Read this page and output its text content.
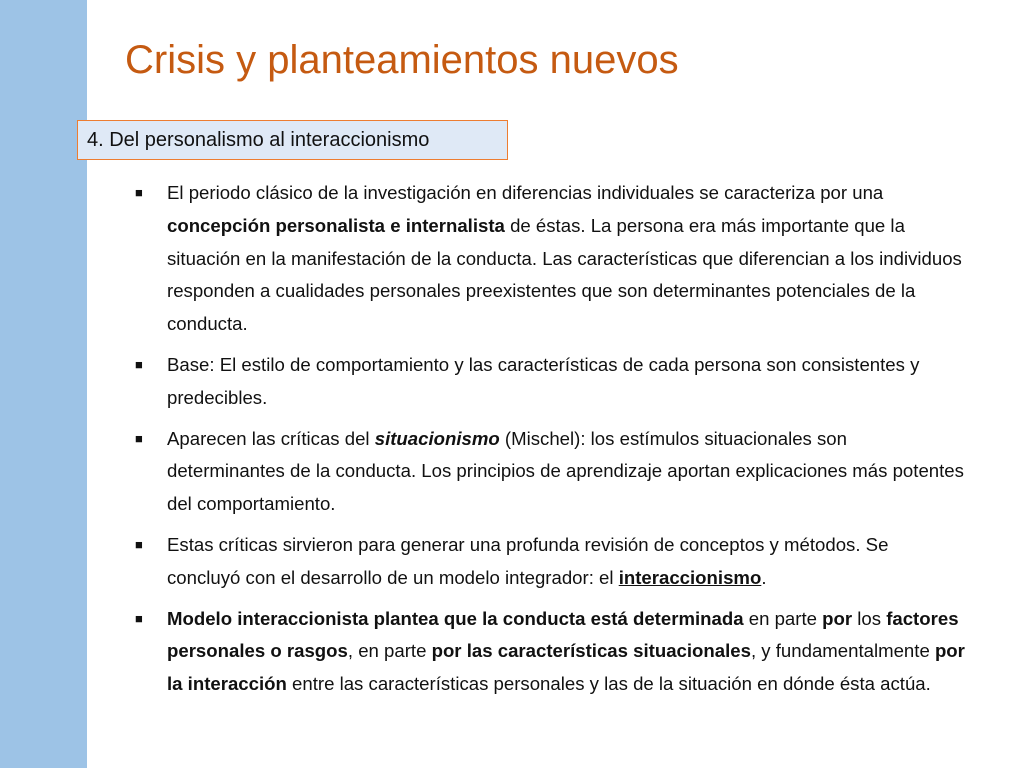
Crisis y planteamientos nuevos
4. Del personalismo al interaccionismo
■ El periodo clásico de la investigación en diferencias individuales se caracteriza por una concepción personalista e internalista de éstas. La persona era más importante que la situación en la manifestación de la conducta. Las características que diferencian a los individuos responden a cualidades personales preexistentes que son determinantes potenciales de la conducta.
■ Base: El estilo de comportamiento y las características de cada persona son consistentes y predecibles.
■ Aparecen las críticas del situacionismo (Mischel): los estímulos situacionales son determinantes de la conducta. Los principios de aprendizaje aportan explicaciones más potentes del comportamiento.
■ Estas críticas sirvieron para generar una profunda revisión de conceptos y métodos. Se concluyó con el desarrollo de un modelo integrador: el interaccionismo.
■ Modelo interaccionista plantea que la conducta está determinada en parte por los factores personales o rasgos, en parte por las características situacionales, y fundamentalmente por la interacción entre las características personales y las de la situación en dónde ésta actúa.
